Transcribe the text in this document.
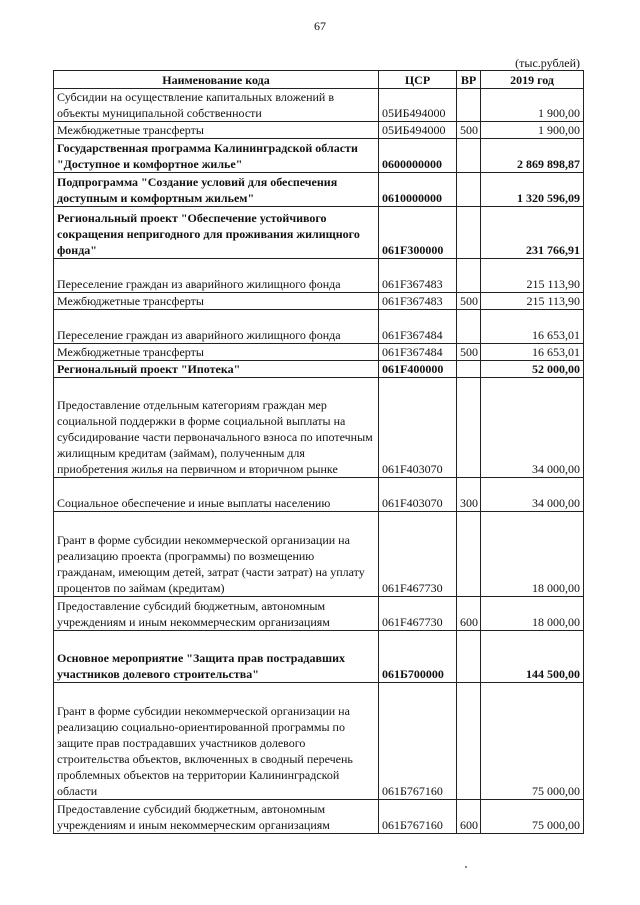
67
(тыс.рублей)
Наименование кода	ЦСР	ВР	2019 год
Субсидии на осуществление капитальных вложений в объекты муниципальной собственности	05ИБ494000		1 900,00
Межбюджетные трансферты	05ИБ494000	500	1 900,00
Государственная программа Калининградской области "Доступное и комфортное жилье"	0600000000		2 869 898,87
Подпрограмма "Создание условий для обеспечения доступным и комфортным жильем"	0610000000		1 320 596,09
Региональный проект "Обеспечение устойчивого сокращения непригодного для проживания жилищного фонда"	061F300000		231 766,91
Переселение граждан из аварийного жилищного фонда	061F367483		215 113,90
Межбюджетные трансферты	061F367483	500	215 113,90
Переселение граждан из аварийного жилищного фонда	061F367484		16 653,01
Межбюджетные трансферты	061F367484	500	16 653,01
Региональный проект "Ипотека"	061F400000		52 000,00
Предоставление отдельным категориям граждан мер социальной поддержки в форме социальной выплаты на субсидирование части первоначального взноса по ипотечным жилищным кредитам (займам), полученным для приобретения жилья на первичном и вторичном рынке	061F403070		34 000,00
Социальное обеспечение и иные выплаты населению	061F403070	300	34 000,00
Грант в форме субсидии некоммерческой организации на реализацию проекта (программы) по возмещению гражданам, имеющим детей, затрат (части затрат) на уплату процентов по займам (кредитам)	061F467730		18 000,00
Предоставление субсидий бюджетным, автономным учреждениям и иным некоммерческим организациям	061F467730	600	18 000,00
Основное мероприятие "Защита прав пострадавших участников долевого строительства"	061Б700000		144 500,00
Грант в форме субсидии некоммерческой организации на реализацию социально-ориентированной программы по защите прав пострадавших участников долевого строительства объектов, включенных в сводный перечень проблемных объектов на территории Калининградской области	061Б767160		75 000,00
Предоставление субсидий бюджетным, автономным учреждениям и иным некоммерческим организациям	061Б767160	600	75 000,00
